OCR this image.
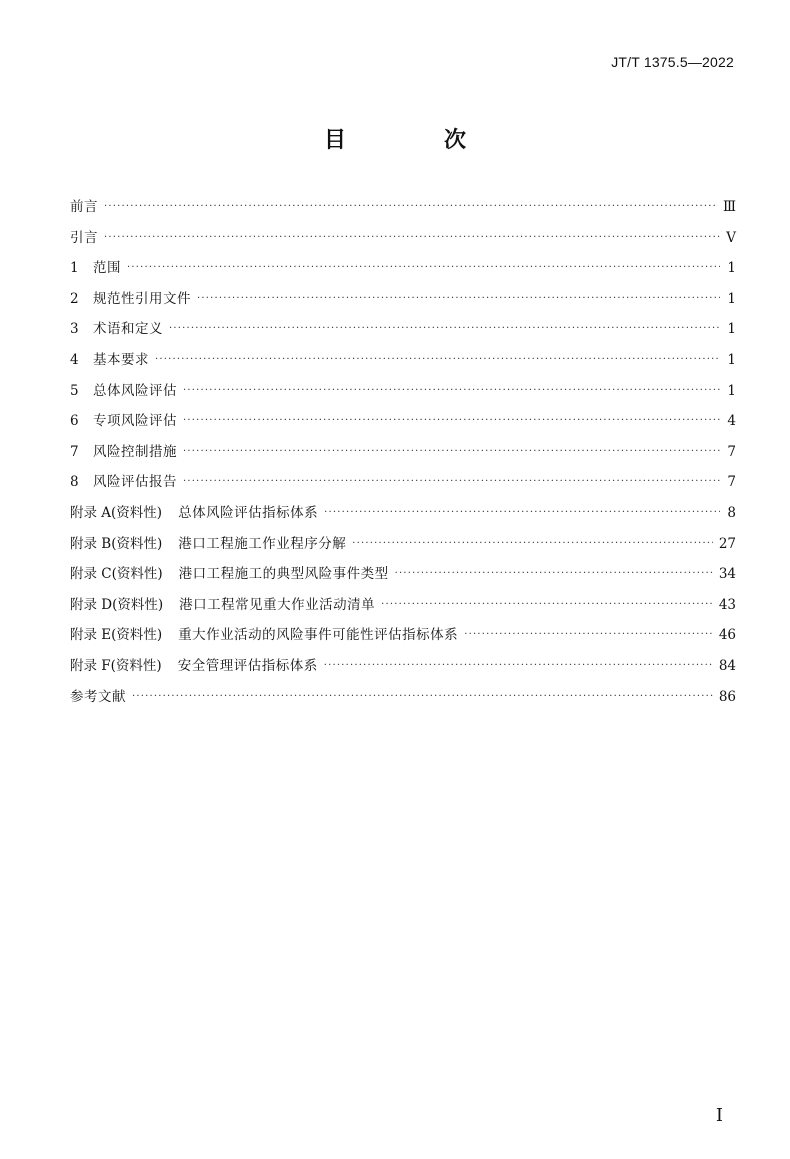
JT/T 1375.5—2022
目　次
前言 ·····	Ⅲ
引言 ·····	Ⅴ
1	范围 ·····	1
2	规范性引用文件 ·····	1
3	术语和定义 ·····	1
4	基本要求 ·····	1
5	总体风险评估 ·····	1
6	专项风险评估 ·····	4
7	风险控制措施 ·····	7
8	风险评估报告 ·····	7
附录 A(资料性) 总体风险评估指标体系 ·····	8
附录 B(资料性) 港口工程施工作业程序分解 ·····	27
附录 C(资料性) 港口工程施工的典型风险事件类型 ·····	34
附录 D(资料性) 港口工程常见重大作业活动清单 ·····	43
附录 E(资料性) 重大作业活动的风险事件可能性评估指标体系 ·····	46
附录 F(资料性) 安全管理评估指标体系 ·····	84
参考文献 ·····	86
I
